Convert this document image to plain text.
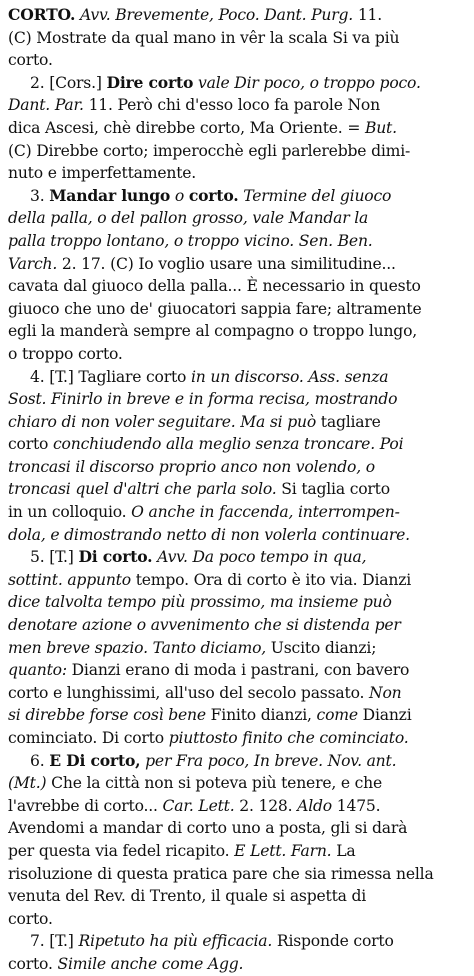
CORTO. Avv. Brevemente, Poco. Dant. Purg. 11.
(C) Mostrate da qual mano in vêr la scala Si va più
corto.
2. [Cors.] Dire corto vale Dir poco, o troppo poco.
Dant. Par. 11. Però chi d'esso loco fa parole Non
dica Ascesi, chè direbbe corto, Ma Oriente. = But.
(C) Direbbe corto; imperocchè egli parlerebbe dimi-
nuto e imperfettamente.
3. Mandar lungo o corto. Termine del giuoco
della palla, o del pallon grosso, vale Mandar la
palla troppo lontano, o troppo vicino. Sen. Ben.
Varch. 2. 17. (C) Io voglio usare una similitudine...
cavata dal giuoco della palla... È necessario in questo
giuoco che uno de' giuocatori sappia fare; altramente
egli la manderà sempre al compagno o troppo lungo,
o troppo corto.
4. [T.] Tagliare corto in un discorso. Ass. senza
Sost. Finirlo in breve e in forma recisa, mostrando
chiaro di non voler seguitare. Ma si può tagliare
corto conchiudendo alla meglio senza troncare. Poi
troncasi il discorso proprio anco non volendo, o
troncasi quel d'altri che parla solo. Si taglia corto
in un colloquio. O anche in faccenda, interrompen-
dola, e dimostrando netto di non volerla continuare.
5. [T.] Di corto. Avv. Da poco tempo in qua,
sottint. appunto tempo. Ora di corto è ito via. Dianzi
dice talvolta tempo più prossimo, ma insieme può
denotare azione o avvenimento che si distenda per
men breve spazio. Tanto diciamo, Uscito dianzi;
quanto: Dianzi erano di moda i pastrani, con bavero
corto e lunghissimi, all'uso del secolo passato. Non
si direbbe forse così bene Finito dianzi, come Dianzi
cominciato. Di corto piuttosto finito che cominciato.
6. E Di corto, per Fra poco, In breve. Nov. ant.
(Mt.) Che la città non si poteva più tenere, e che
l'avrebbe di corto... Car. Lett. 2. 128. Aldo 1475.
Avendomi a mandar di corto uno a posta, gli si darà
per questa via fedel ricapito. E Lett. Farn. La
risoluzione di questa pratica pare che sia rimessa nella
venuta del Rev. di Trento, il quale si aspetta di
corto.
7. [T.] Ripetuto ha più efficacia. Risponde corto
corto. Simile anche come Agg.
